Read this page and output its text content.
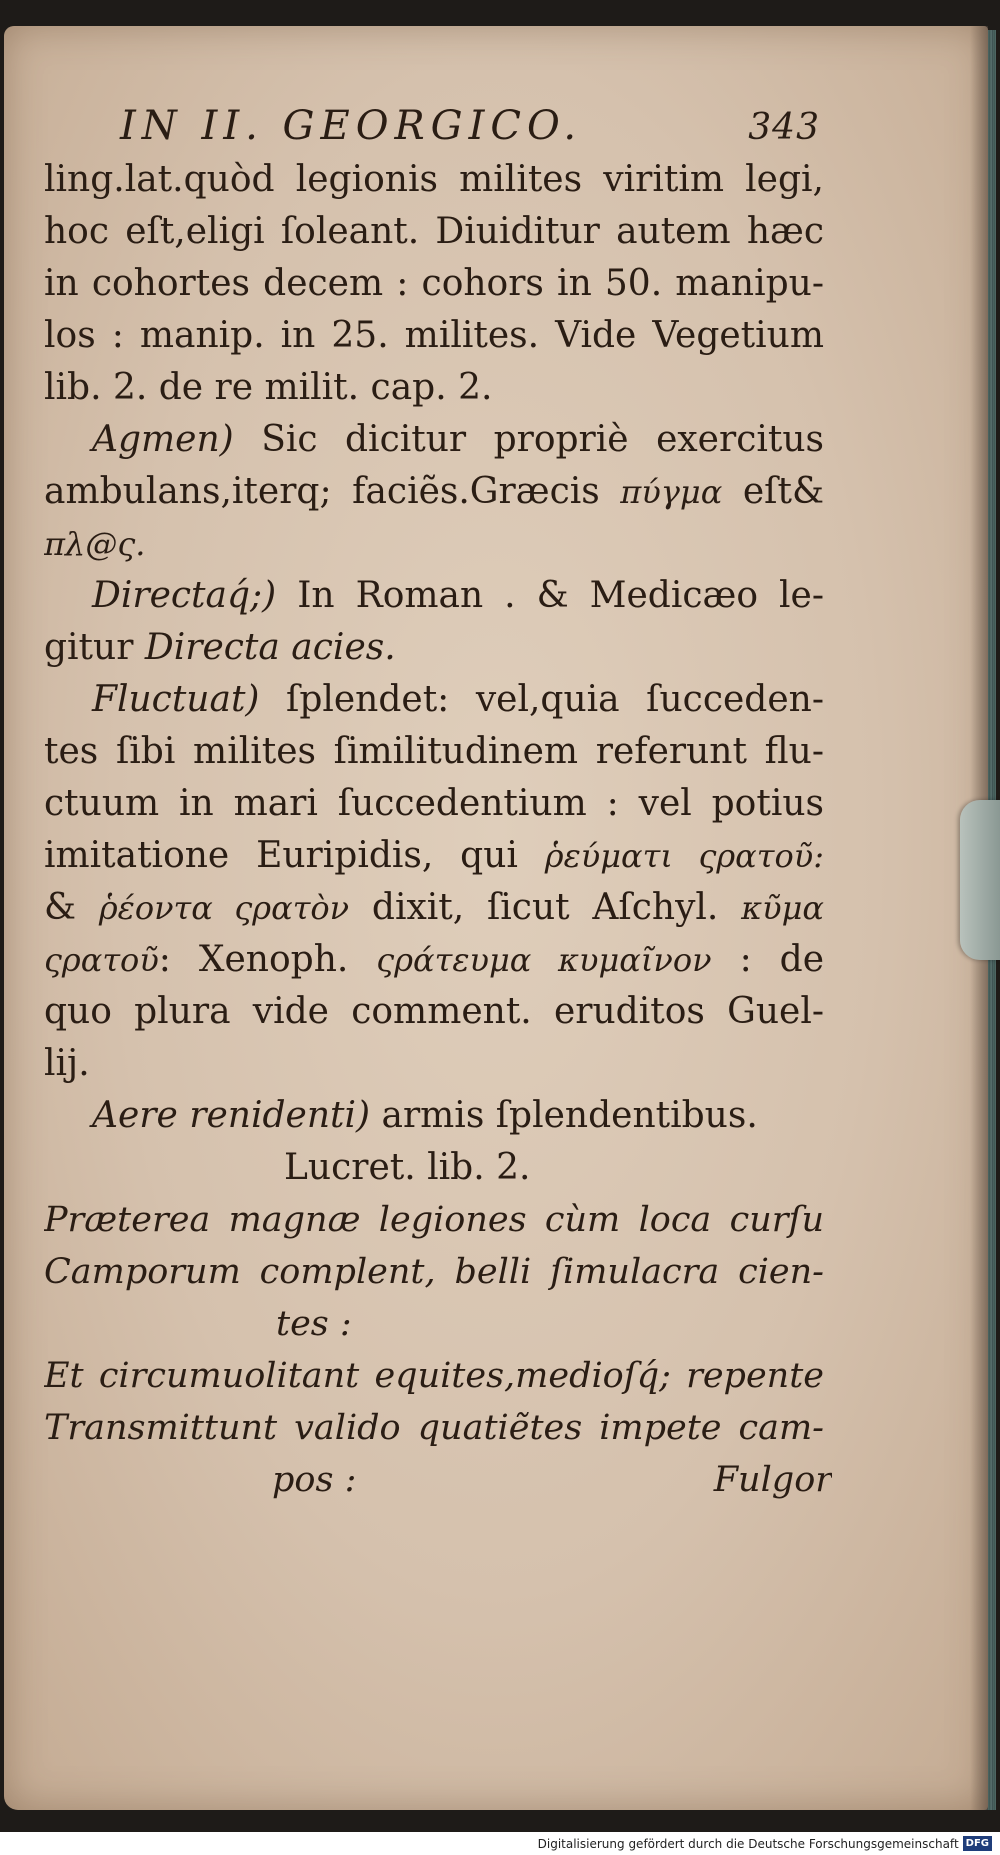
IN II. GEORGICO.	343
ling.lat.quòd legionis milites viritim legi,
hoc eſt,eligi ſoleant. Diuiditur autem hæc
in cohortes decem : cohors in 50. manipu-
los : manip. in 25. milites. Vide Vegetium
lib. 2. de re milit. cap. 2.
Agmen) Sic dicitur propriè exercitus
ambulans,iterq; faciẽs.Græcis πύγμα eſt&
πλ@ς.
Directaq́;) In Roman . & Medicæo le-
gitur Directa acies.
Fluctuat) ſplendet: vel,quia ſucceden-
tes ſibi milites ſimilitudinem referunt flu-
ctuum in mari ſuccedentium : vel potius
imitatione Euripidis, qui ῥεύματι ςρατοῦ:
& ῥέοντα ςρατὸν dixit, ſicut Aſchyl. κῦμα
ςρατοῦ: Xenoph. ςράτευμα κυμαῖνον : de
quo plura vide comment. eruditos Guel-
lij.
Aere renidenti) armis ſplendentibus.
Lucret. lib. 2.
Præterea magnæ legiones cùm loca curſu
Camporum complent, belli ſimulacra cien-
tes :
Et circumuolitant equites,medioſq́; repente
Transmittunt valido quatiẽtes impete cam-
pos :	Fulgor
Digitalisierung gefördert durch die Deutsche Forschungsgemeinschaft DFG
